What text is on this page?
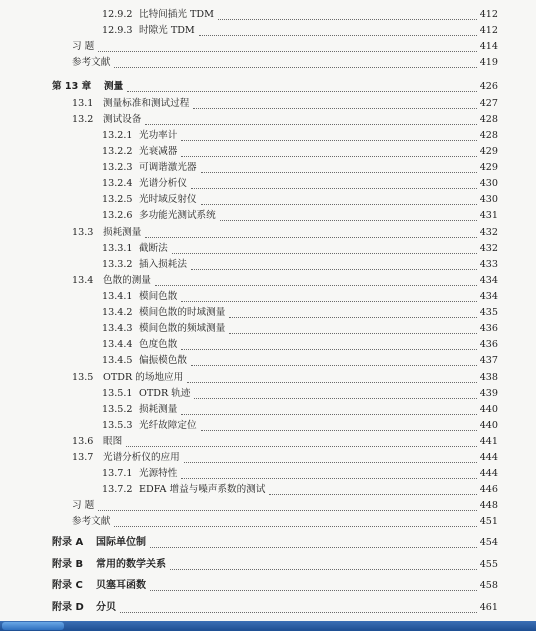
12.9.2 比特间插光 TDM	412
12.9.3 时隙光 TDM	412
习 题	414
参考文献	419
第 13 章 测量	426
13.1 测量标准和测试过程	427
13.2 测试设备	428
13.2.1 光功率计	428
13.2.2 光衰减器	429
13.2.3 可调谐激光器	429
13.2.4 光谱分析仪	430
13.2.5 光时域反射仪	430
13.2.6 多功能光测试系统	431
13.3 损耗测量	432
13.3.1 截断法	432
13.3.2 插入损耗法	433
13.4 色散的测量	434
13.4.1 模间色散	434
13.4.2 模间色散的时域测量	435
13.4.3 模间色散的频域测量	436
13.4.4 色度色散	436
13.4.5 偏振模色散	437
13.5 OTDR 的场地应用	438
13.5.1 OTDR 轨迹	439
13.5.2 损耗测量	440
13.5.3 光纤故障定位	440
13.6 眼图	441
13.7 光谱分析仪的应用	444
13.7.1 光源特性	444
13.7.2 EDFA 增益与噪声系数的测试	446
习 题	448
参考文献	451
附录 A 国际单位制	454
附录 B 常用的数学关系	455
附录 C 贝塞耳函数	458
附录 D 分贝	461
